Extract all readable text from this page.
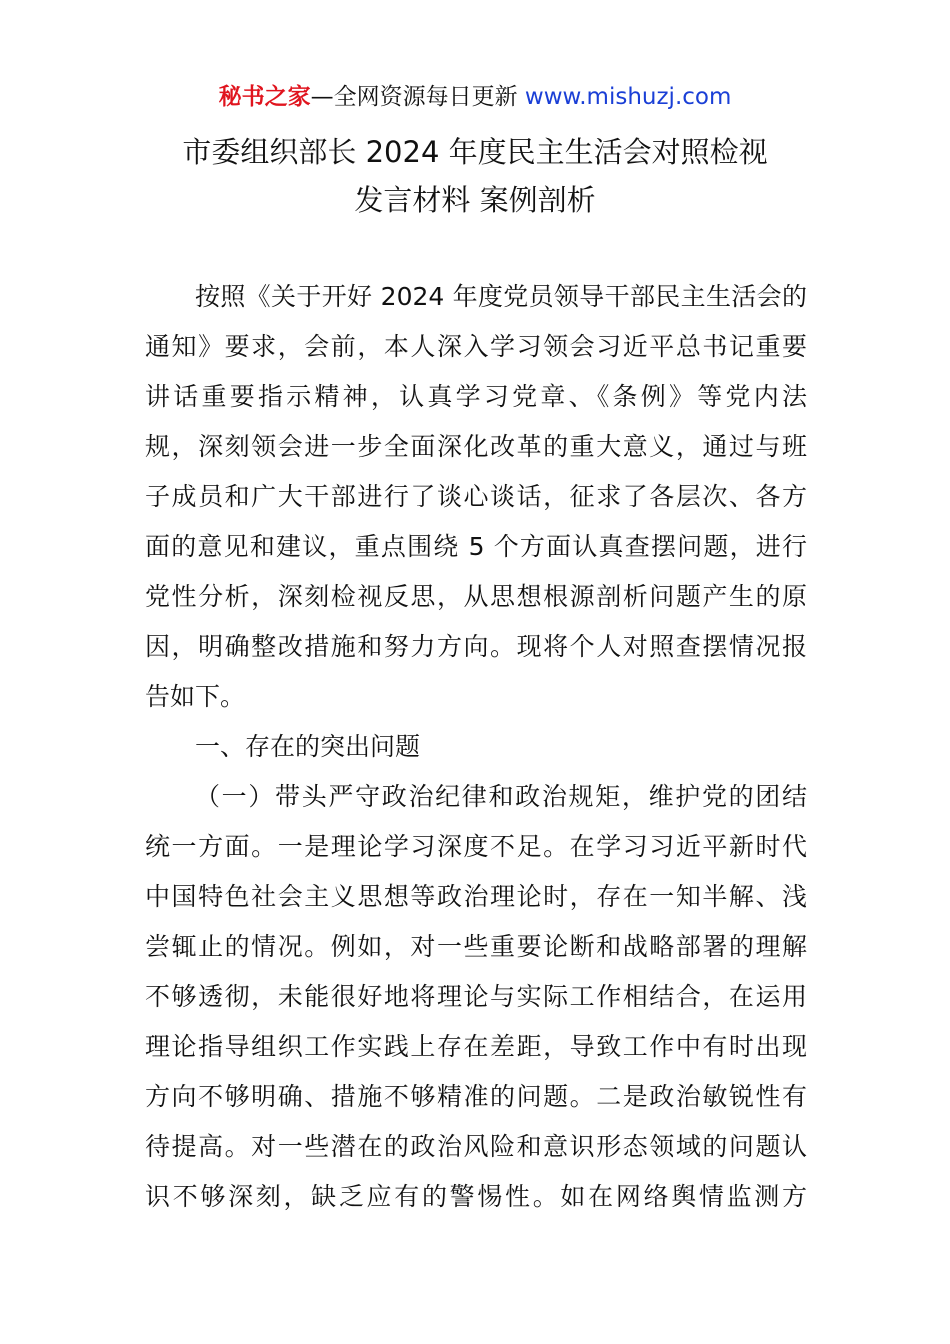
秘书之家—全网资源每日更新 www.mishuzj.com
市委组织部长 2024 年度民主生活会对照检视
发言材料 案例剖析
按照《关于开好 2024 年度党员领导干部民主生活会的
通知》要求，会前，本人深入学习领会习近平总书记重要
讲话重要指示精神，认真学习党章、《条例》等党内法
规，深刻领会进一步全面深化改革的重大意义，通过与班
子成员和广大干部进行了谈心谈话，征求了各层次、各方
面的意见和建议，重点围绕 5 个方面认真查摆问题，进行
党性分析，深刻检视反思，从思想根源剖析问题产生的原
因，明确整改措施和努力方向。现将个人对照查摆情况报
告如下。
一、存在的突出问题
（一）带头严守政治纪律和政治规矩，维护党的团结
统一方面。一是理论学习深度不足。在学习习近平新时代
中国特色社会主义思想等政治理论时，存在一知半解、浅
尝辄止的情况。例如，对一些重要论断和战略部署的理解
不够透彻，未能很好地将理论与实际工作相结合，在运用
理论指导组织工作实践上存在差距，导致工作中有时出现
方向不够明确、措施不够精准的问题。二是政治敏锐性有
待提高。对一些潜在的政治风险和意识形态领域的问题认
识不够深刻，缺乏应有的警惕性。如在网络舆情监测方
